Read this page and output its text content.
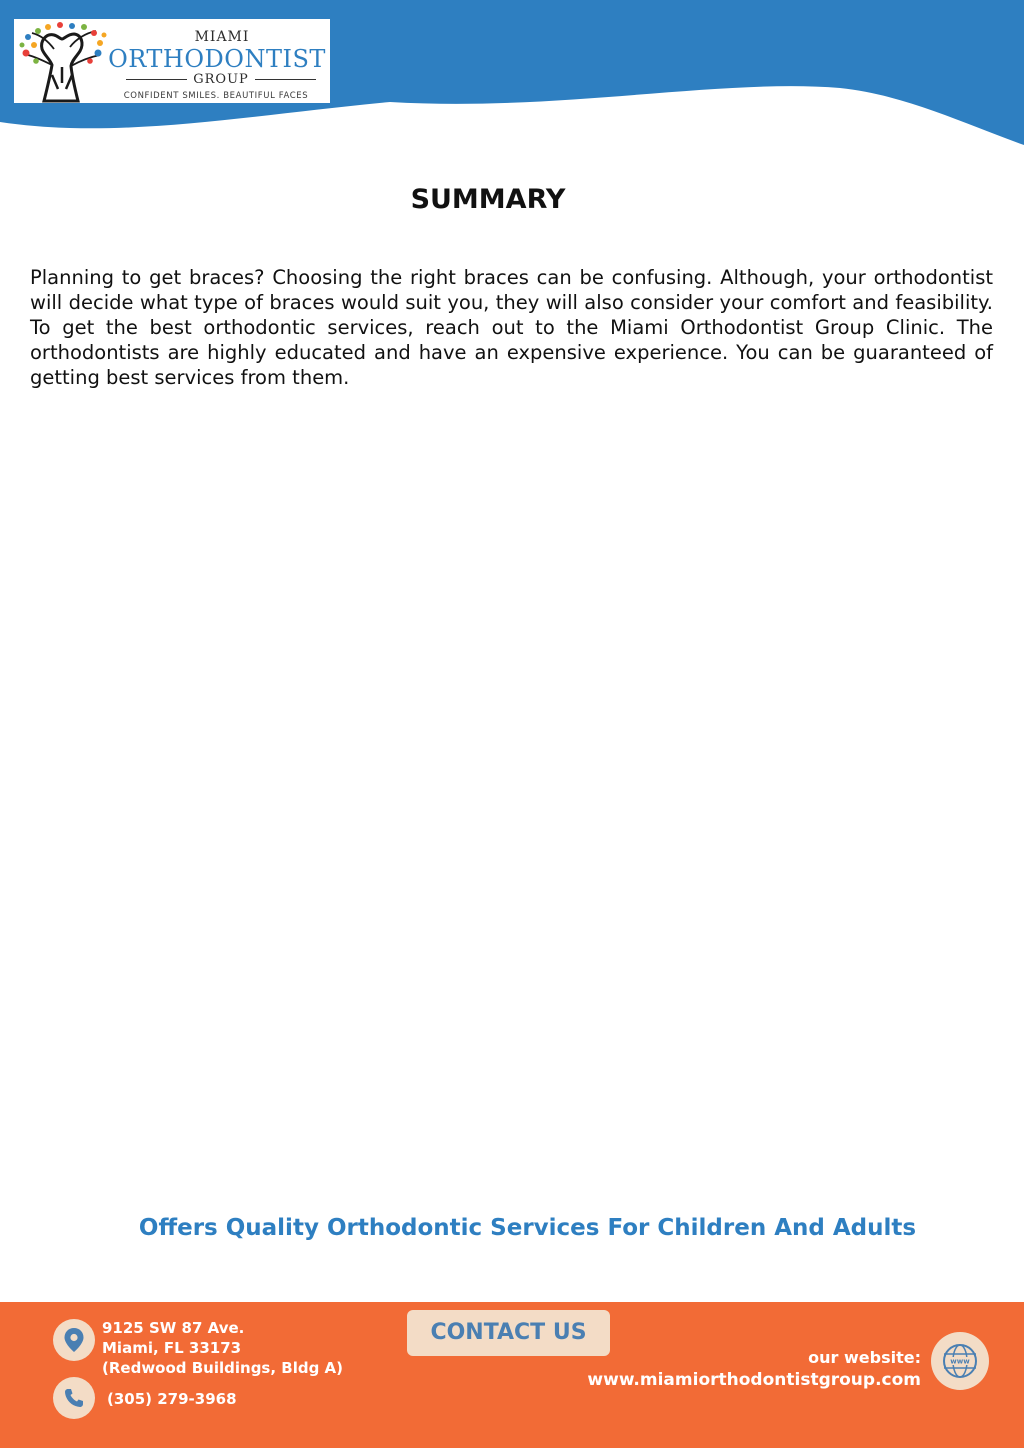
MIAMI
ORTHODONTIST
GROUP
CONFIDENT SMILES. BEAUTIFUL FACES
SUMMARY

Planning to get braces? Choosing the right braces can be confusing. Although, your orthodontist will decide what type of braces would suit you, they will also consider your comfort and feasibility. To get the best orthodontic services, reach out to the Miami Orthodontist Group Clinic. The orthodontists are highly educated and have an expensive experience. You can be guaranteed of getting best services from them.

Offers Quality Orthodontic Services For Children And Adults
9125 SW 87 Ave.
Miami, FL 33173
(Redwood Buildings, Bldg A)
(305) 279-3968
CONTACT US
our website:
www.miamiorthodontistgroup.com
www
